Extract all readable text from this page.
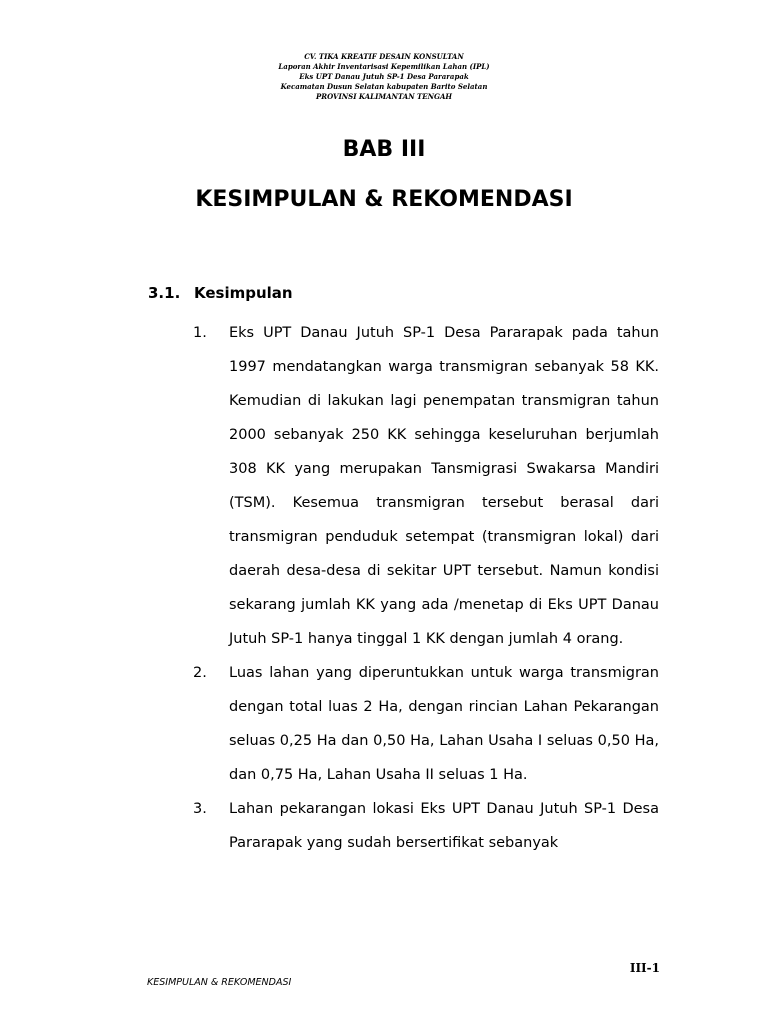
CV. TIKA KREATIF DESAIN KONSULTAN
Laporan Akhir Inventarisasi Kepemilikan Lahan (IPL)
Eks UPT Danau Jutuh SP-1 Desa Pararapak
Kecamatan Dusun Selatan kabupaten Barito Selatan
PROVINSI KALIMANTAN TENGAH
BAB III
KESIMPULAN & REKOMENDASI
3.1. Kesimpulan
1.	Eks UPT Danau Jutuh SP-1 Desa Pararapak pada tahun 1997 mendatangkan warga transmigran sebanyak 58 KK. Kemudian di lakukan lagi penempatan transmigran tahun 2000 sebanyak 250 KK sehingga keseluruhan berjumlah 308 KK yang merupakan Tansmigrasi Swakarsa Mandiri (TSM). Kesemua transmigran tersebut berasal dari transmigran penduduk setempat (transmigran lokal) dari daerah desa-desa di sekitar UPT tersebut. Namun kondisi sekarang jumlah KK yang ada /menetap di Eks UPT Danau Jutuh SP-1 hanya tinggal 1 KK dengan jumlah 4 orang.
2.	Luas lahan yang diperuntukkan untuk warga transmigran dengan total luas 2 Ha, dengan rincian Lahan Pekarangan seluas 0,25 Ha dan 0,50 Ha, Lahan Usaha I seluas 0,50 Ha, dan 0,75 Ha, Lahan Usaha II seluas 1 Ha.
3.	Lahan pekarangan lokasi Eks UPT Danau Jutuh SP-1 Desa Pararapak yang sudah bersertifikat sebanyak
III-1
KESIMPULAN & REKOMENDASI
